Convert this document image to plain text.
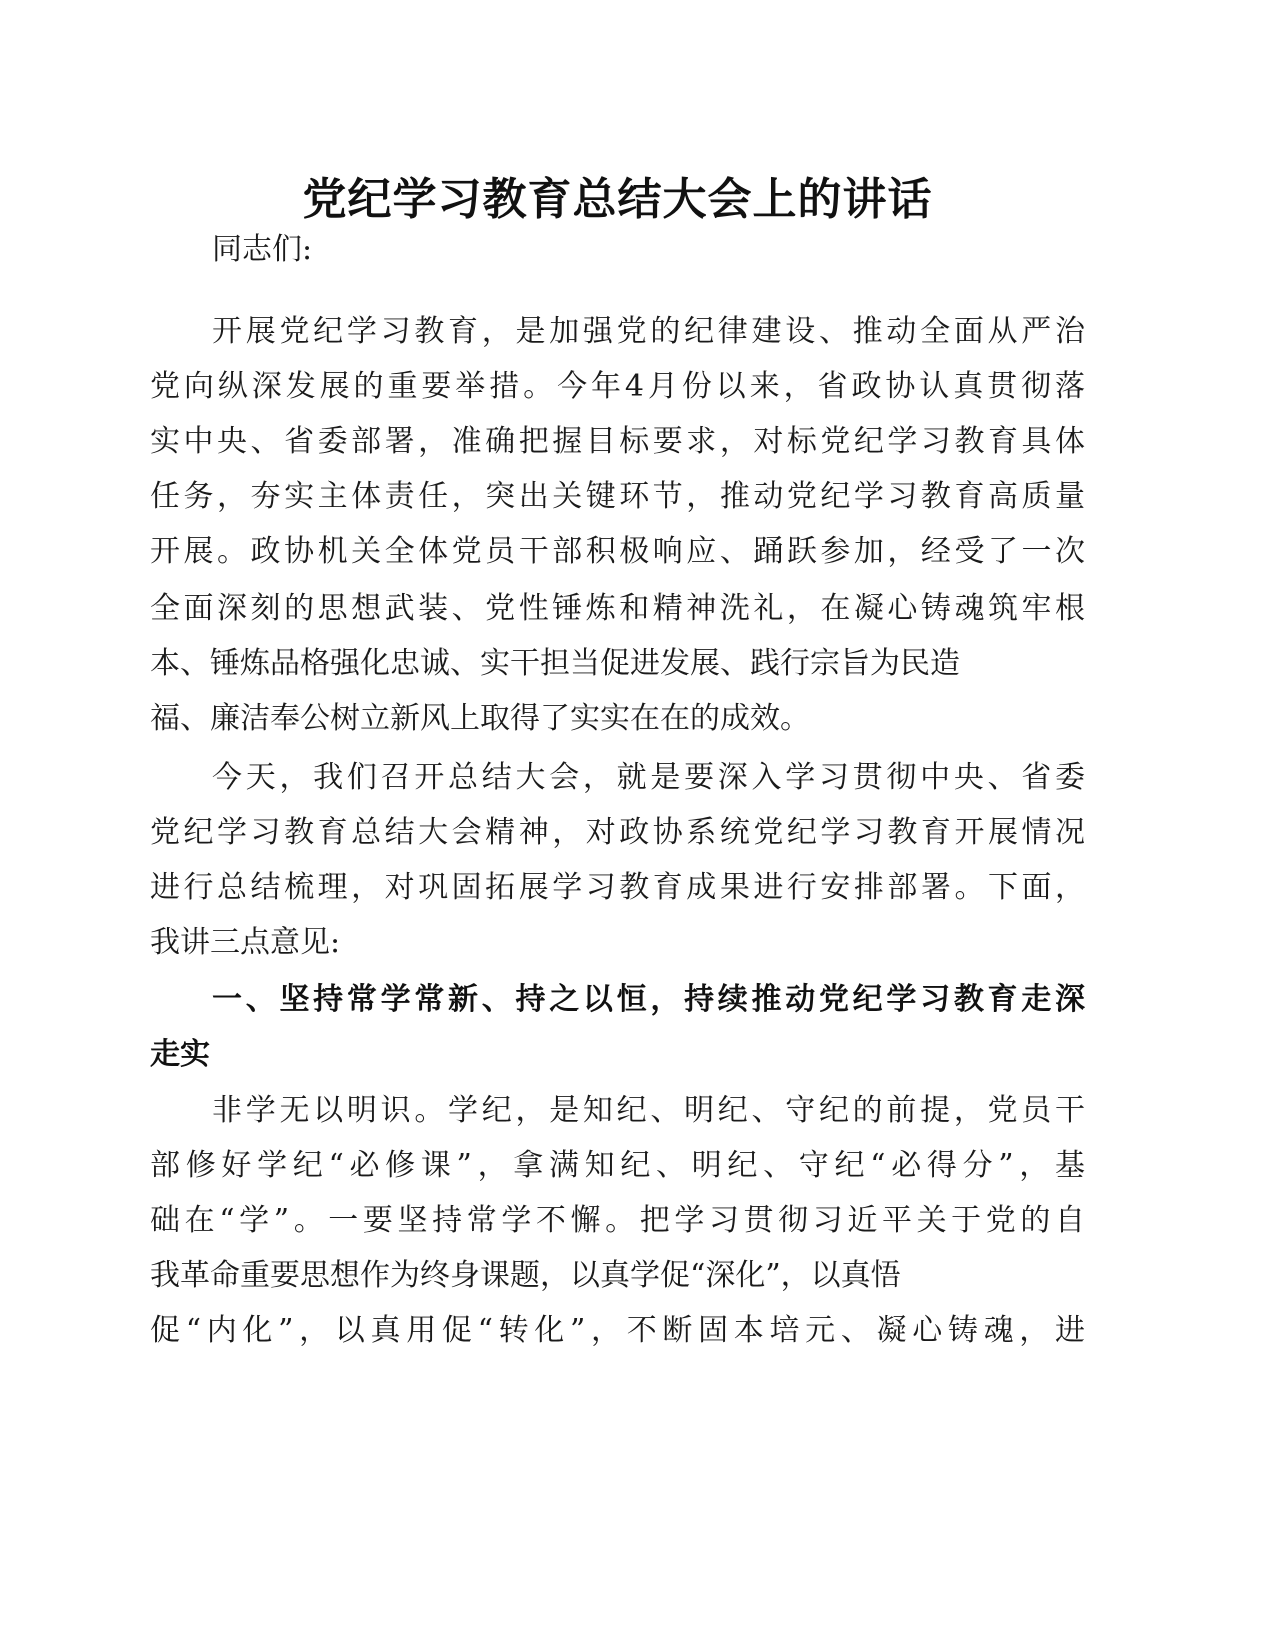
党纪学习教育总结大会上的讲话
同志们:
开展党纪学习教育，是加强党的纪律建设、推动全面从严治
党向纵深发展的重要举措。今年4月份以来，省政协认真贯彻落
实中央、省委部署，准确把握目标要求，对标党纪学习教育具体
任务，夯实主体责任，突出关键环节，推动党纪学习教育高质量
开展。政协机关全体党员干部积极响应、踊跃参加，经受了一次
全面深刻的思想武装、党性锤炼和精神洗礼，在凝心铸魂筑牢根
本、锤炼品格强化忠诚、实干担当促进发展、践行宗旨为民造
福、廉洁奉公树立新风上取得了实实在在的成效。
今天，我们召开总结大会，就是要深入学习贯彻中央、省委
党纪学习教育总结大会精神，对政协系统党纪学习教育开展情况
进行总结梳理，对巩固拓展学习教育成果进行安排部署。下面，
我讲三点意见:
一、坚持常学常新、持之以恒，持续推动党纪学习教育走深
走实
非学无以明识。学纪，是知纪、明纪、守纪的前提，党员干
部修好学纪“必修课”，拿满知纪、明纪、守纪“必得分”，基
础在“学”。一要坚持常学不懈。把学习贯彻习近平关于党的自
我革命重要思想作为终身课题，以真学促“深化”，以真悟
促“内化”，以真用促“转化”，不断固本培元、凝心铸魂，进
